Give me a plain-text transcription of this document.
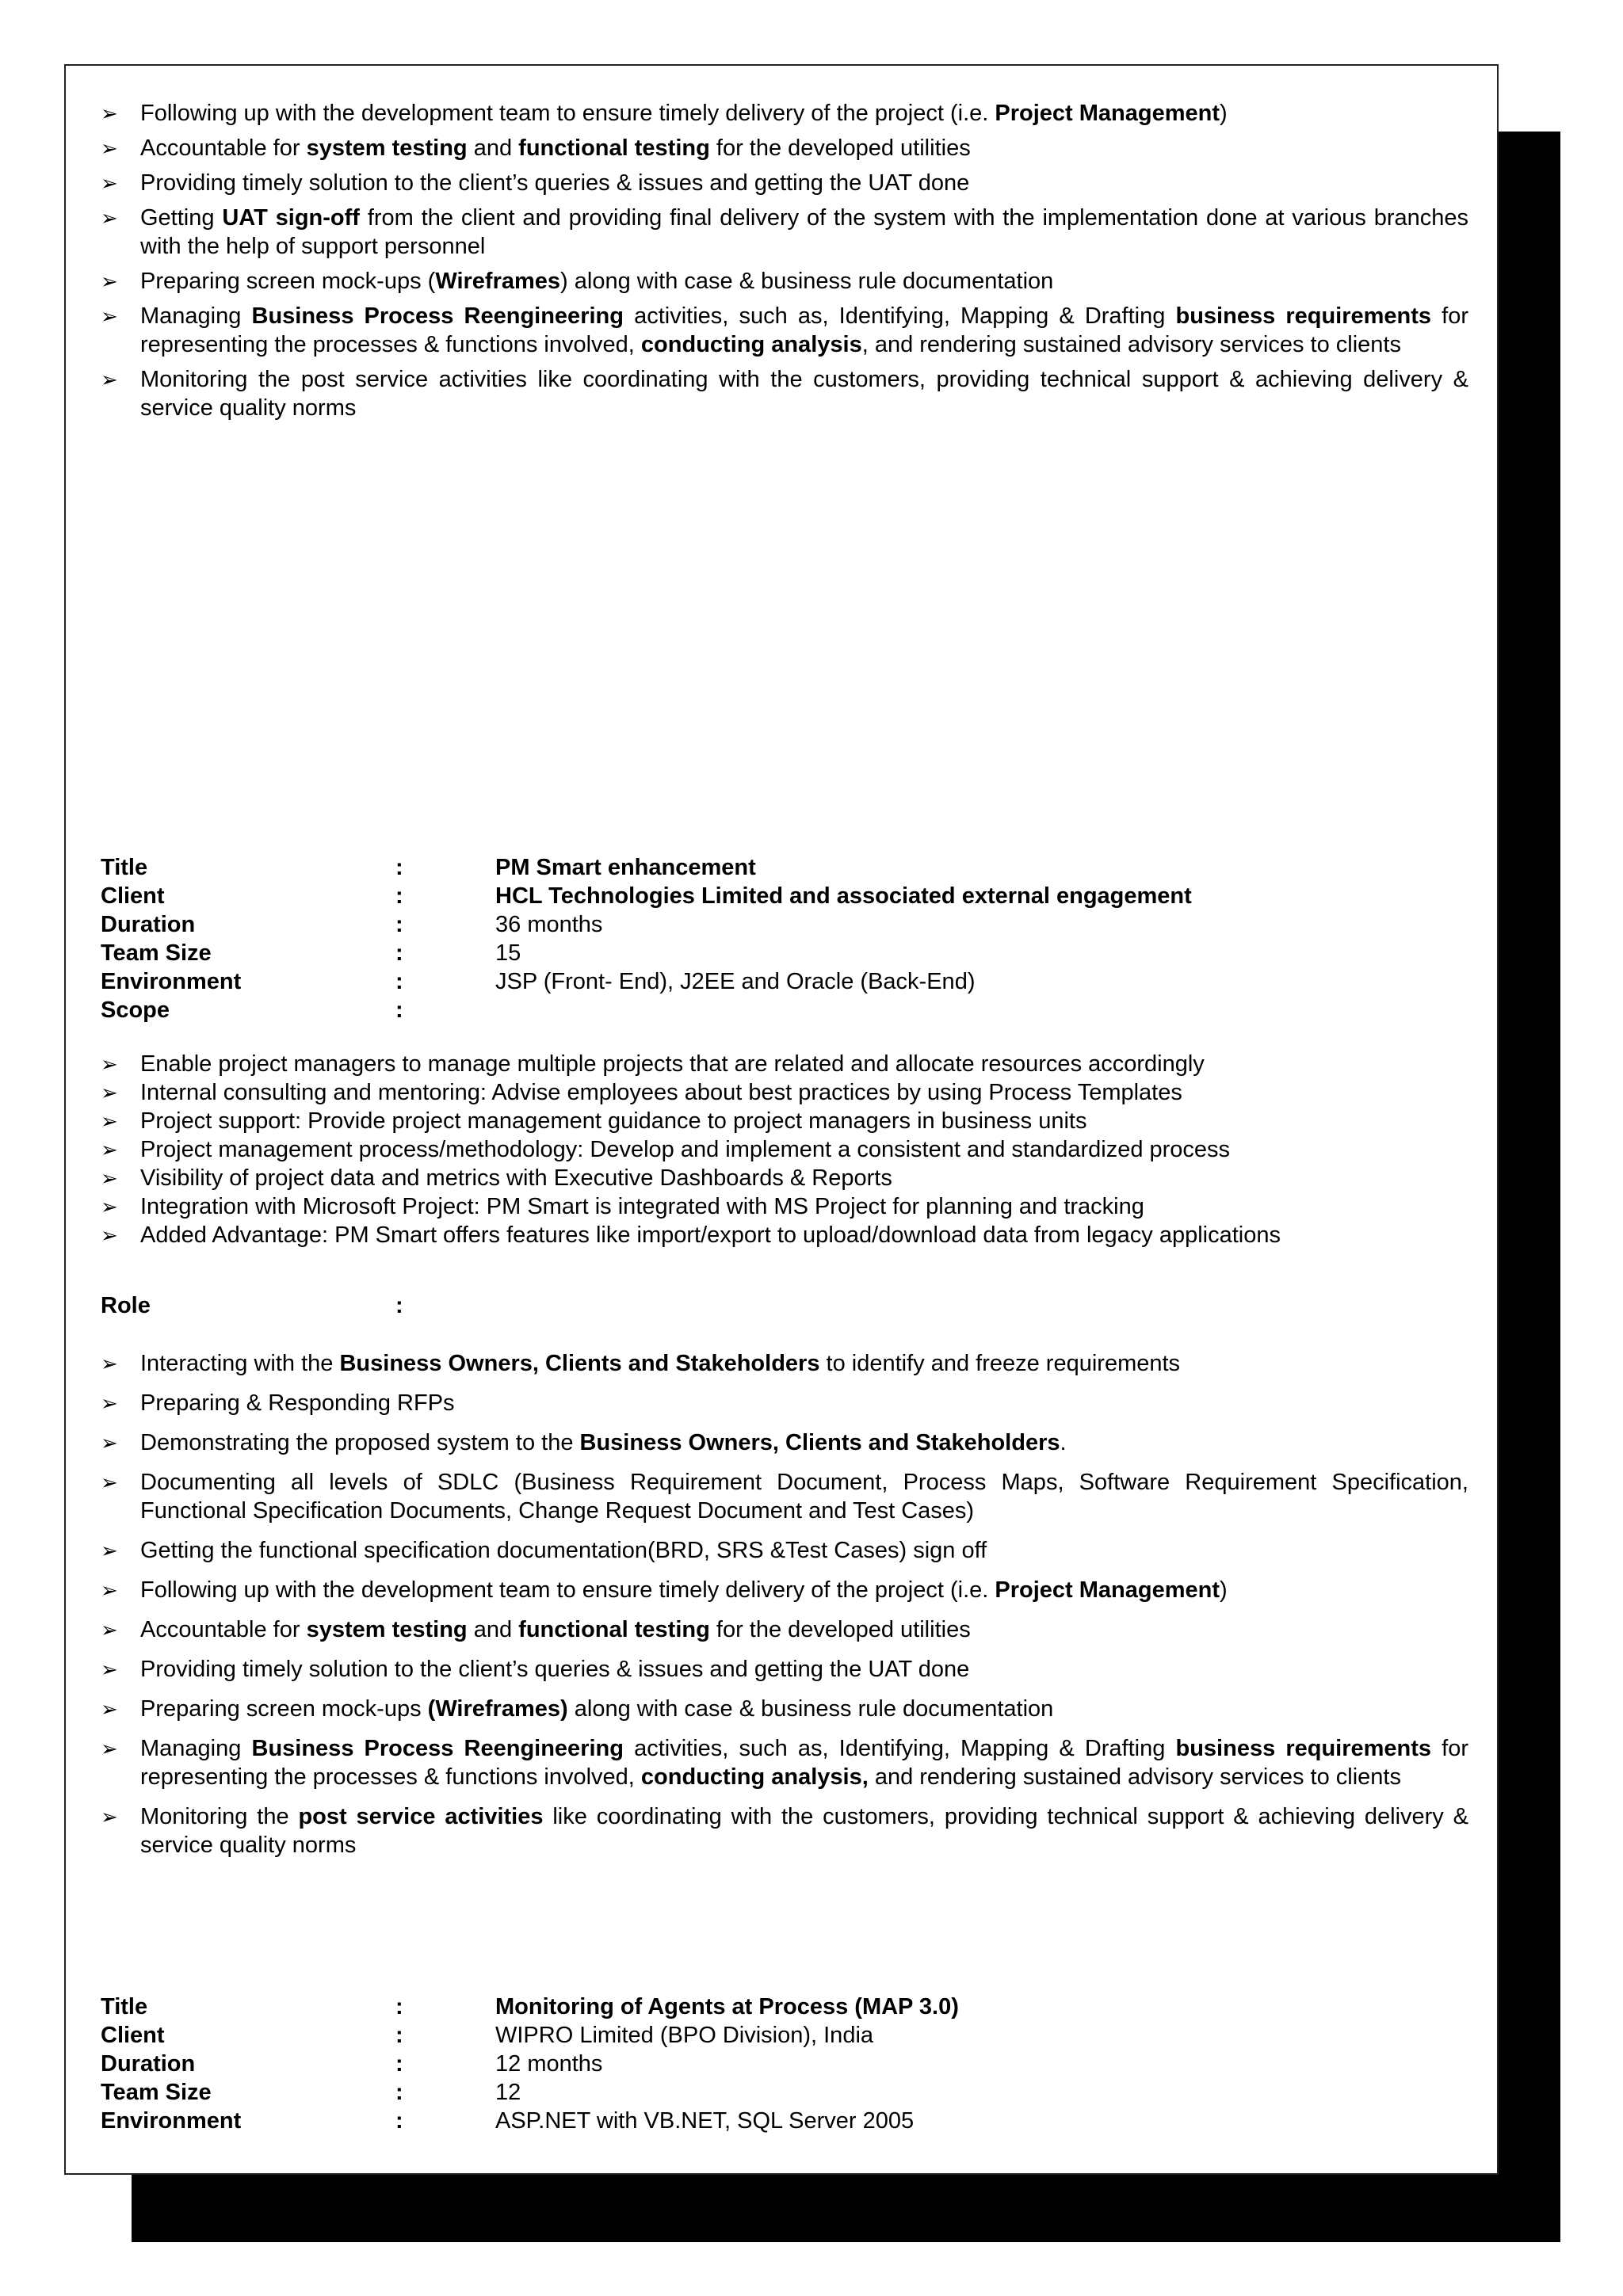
➢ Following up with the development team to ensure timely delivery of the project (i.e. Project Management)
➢ Accountable for system testing and functional testing for the developed utilities
➢ Providing timely solution to the client’s queries & issues and getting the UAT done
➢ Getting UAT sign-off from the client and providing final delivery of the system with the implementation done at various branches with the help of support personnel
➢ Preparing screen mock-ups (Wireframes) along with case & business rule documentation
➢ Managing Business Process Reengineering activities, such as, Identifying, Mapping & Drafting business requirements for representing the processes & functions involved, conducting analysis, and rendering sustained advisory services to clients
➢ Monitoring the post service activities like coordinating with the customers, providing technical support & achieving delivery & service quality norms
Title	:	PM Smart enhancement
Client	:	HCL Technologies Limited and associated external engagement
Duration	:	36 months
Team Size	:	15
Environment	:	JSP (Front- End), J2EE and Oracle (Back-End)
Scope	:	
➢ Enable project managers to manage multiple projects that are related and allocate resources accordingly
➢ Internal consulting and mentoring: Advise employees about best practices by using Process Templates
➢ Project support: Provide project management guidance to project managers in business units
➢ Project management process/methodology: Develop and implement a consistent and standardized process
➢ Visibility of project data and metrics with Executive Dashboards & Reports
➢ Integration with Microsoft Project: PM Smart is integrated with MS Project for planning and tracking
➢ Added Advantage: PM Smart offers features like import/export to upload/download data from legacy applications
Role	:
➢ Interacting with the Business Owners, Clients and Stakeholders to identify and freeze requirements
➢ Preparing & Responding RFPs
➢ Demonstrating the proposed system to the Business Owners, Clients and Stakeholders.
➢ Documenting all levels of SDLC (Business Requirement Document, Process Maps, Software Requirement Specification, Functional Specification Documents, Change Request Document and Test Cases)
➢ Getting the functional specification documentation(BRD, SRS &Test Cases) sign off
➢ Following up with the development team to ensure timely delivery of the project (i.e. Project Management)
➢ Accountable for system testing and functional testing for the developed utilities
➢ Providing timely solution to the client’s queries & issues and getting the UAT done
➢ Preparing screen mock-ups (Wireframes) along with case & business rule documentation
➢ Managing Business Process Reengineering activities, such as, Identifying, Mapping & Drafting business requirements for representing the processes & functions involved, conducting analysis, and rendering sustained advisory services to clients
➢ Monitoring the post service activities like coordinating with the customers, providing technical support & achieving delivery & service quality norms
Title	:	Monitoring of Agents at Process (MAP 3.0)
Client	:	WIPRO Limited (BPO Division), India
Duration	:	12 months
Team Size	:	12
Environment	:	ASP.NET with VB.NET, SQL Server 2005
